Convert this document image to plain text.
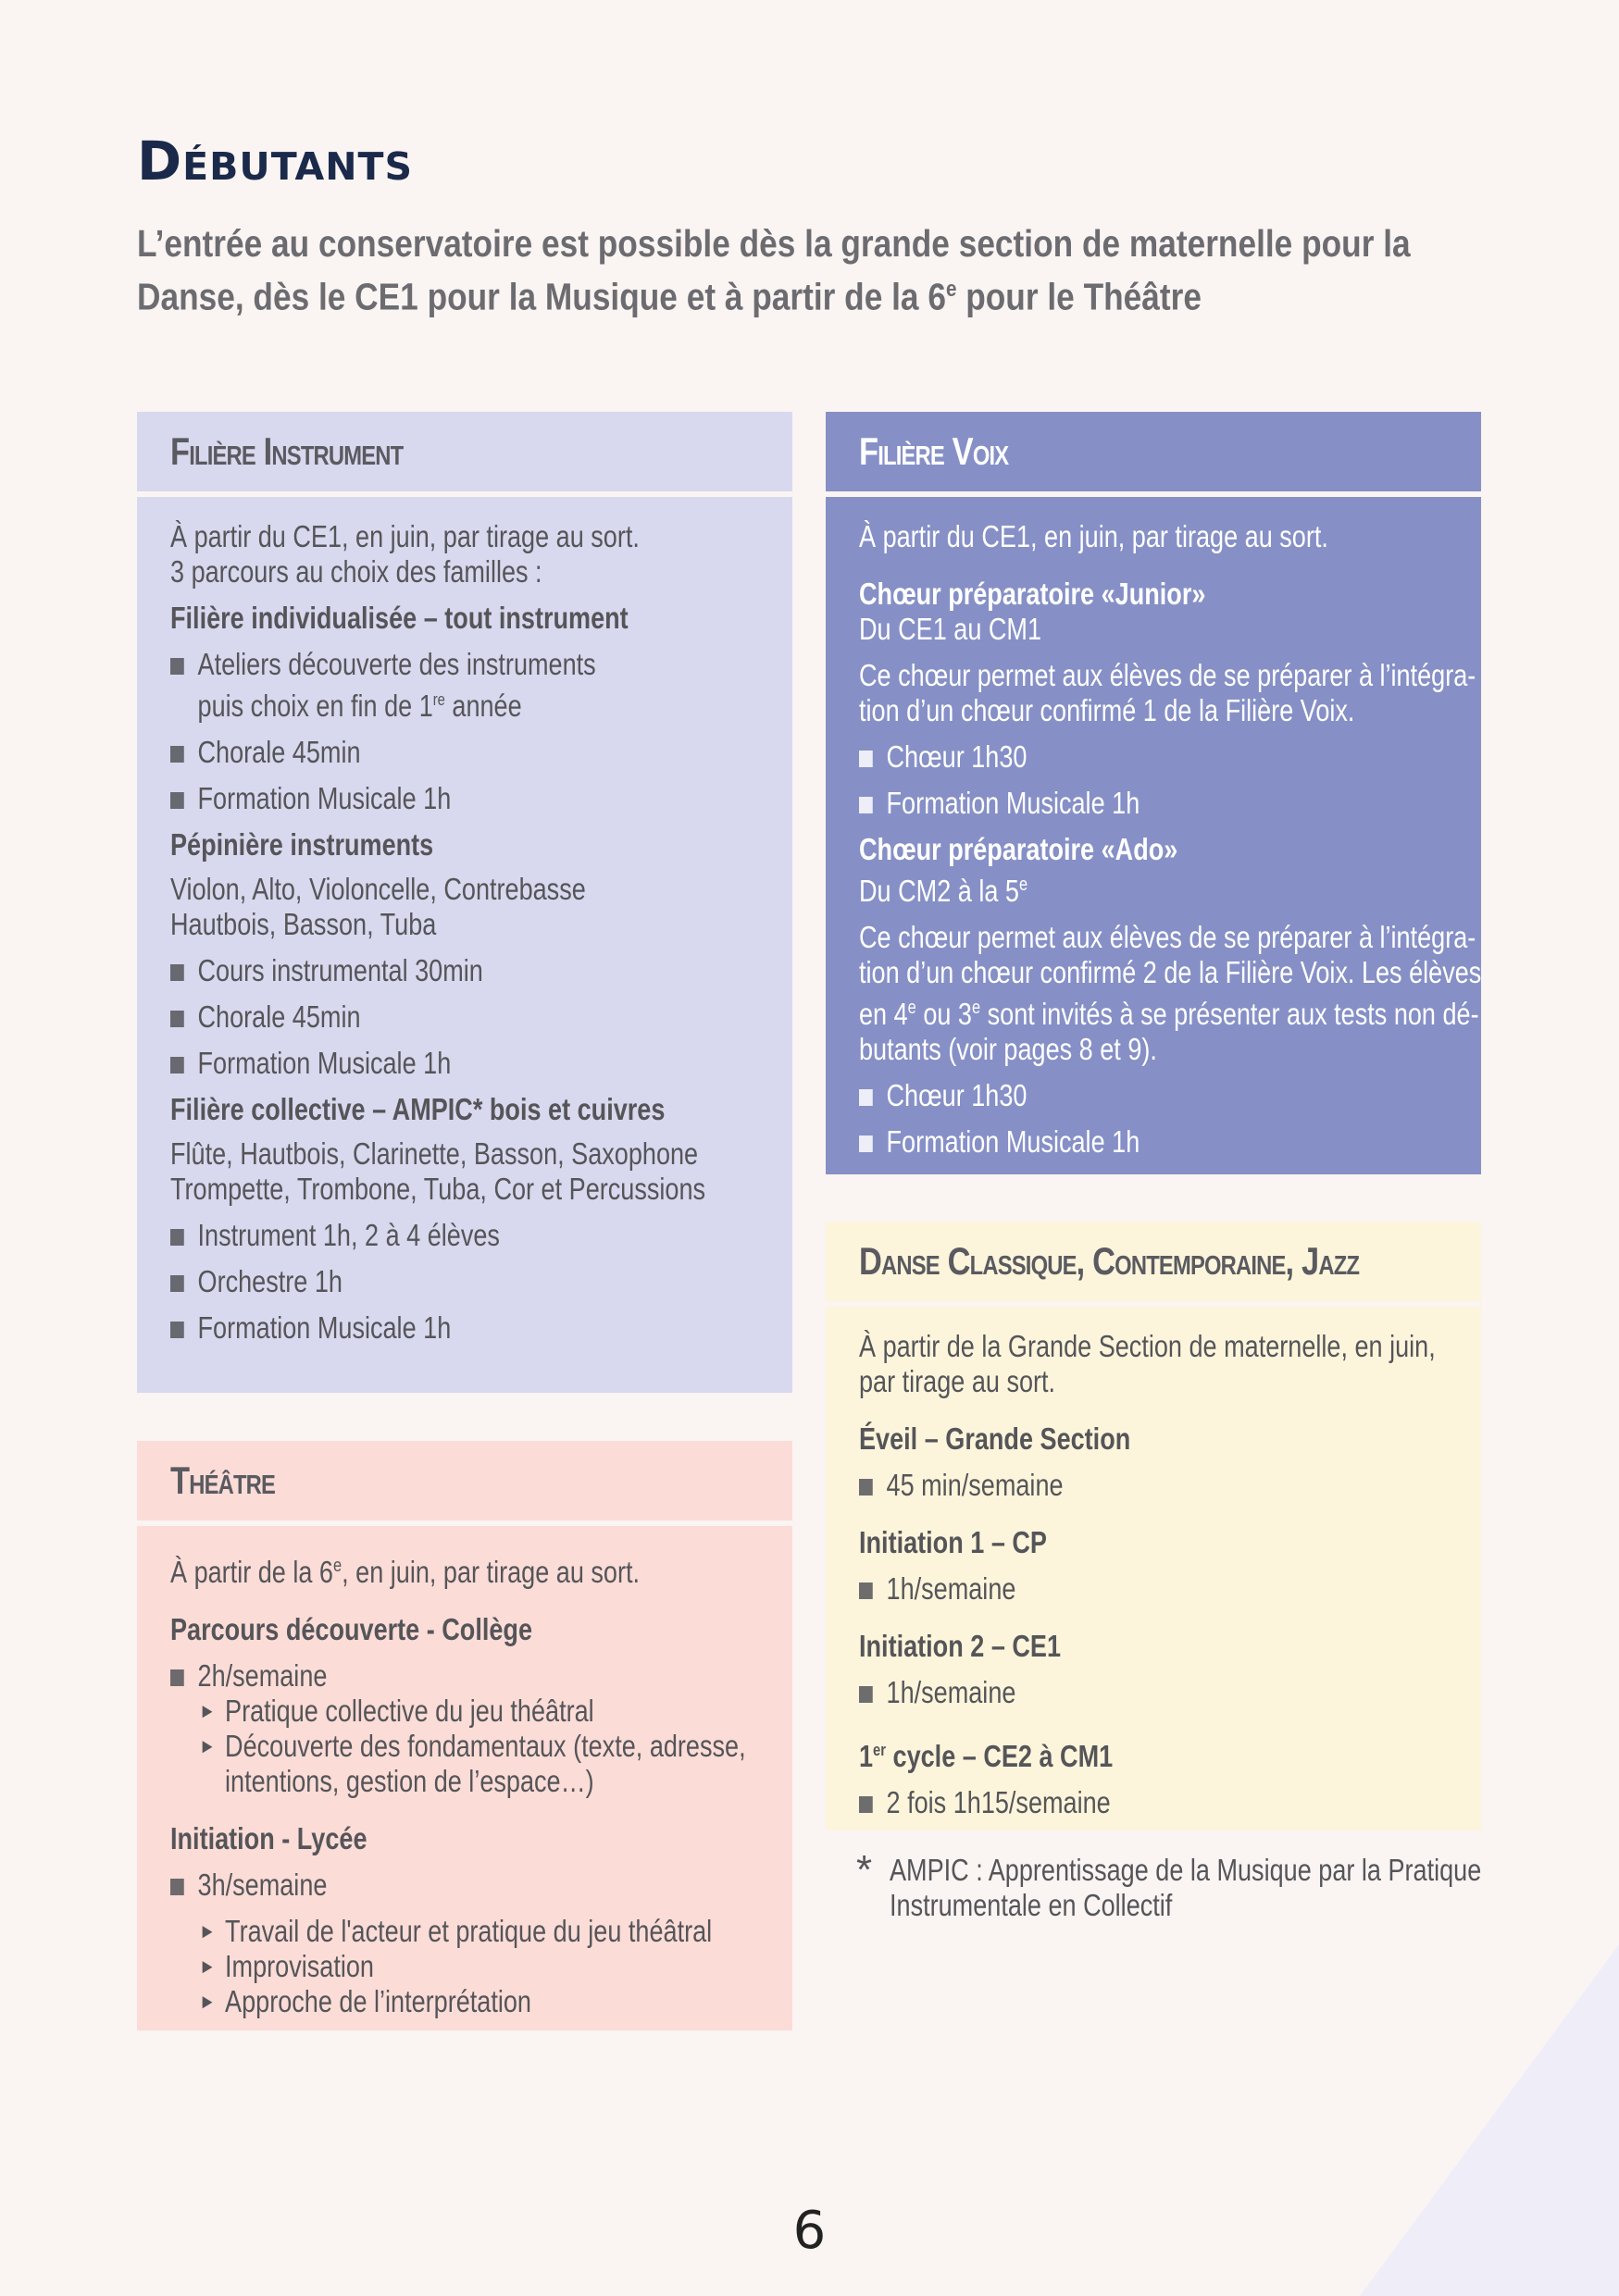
Débutants
L’entrée au conservatoire est possible dès la grande section de maternelle pour la
Danse, dès le CE1 pour la Musique et à partir de la 6e pour le Théâtre
Filière Instrument
À partir du CE1, en juin, par tirage au sort.
3 parcours au choix des familles :
Filière individualisée – tout instrument
Ateliers découverte des instruments
puis choix en fin de 1re année
Chorale 45min
Formation Musicale 1h
Pépinière instruments
Violon, Alto, Violoncelle, Contrebasse
Hautbois, Basson, Tuba
Cours instrumental 30min
Chorale 45min
Formation Musicale 1h
Filière collective – AMPIC* bois et cuivres
Flûte, Hautbois, Clarinette, Basson, Saxophone
Trompette, Trombone, Tuba, Cor et Percussions
Instrument 1h, 2 à 4 élèves
Orchestre 1h
Formation Musicale 1h
Filière Voix
À partir du CE1, en juin, par tirage au sort.
Chœur préparatoire «Junior»
Du CE1 au CM1
Ce chœur permet aux élèves de se préparer à l’intégra-
tion d’un chœur confirmé 1 de la Filière Voix.
Chœur 1h30
Formation Musicale 1h
Chœur préparatoire «Ado»
Du CM2 à la 5e
Ce chœur permet aux élèves de se préparer à l’intégra-
tion d’un chœur confirmé 2 de la Filière Voix. Les élèves
en 4e ou 3e sont invités à se présenter aux tests non dé-
butants (voir pages 8 et 9).
Chœur 1h30
Formation Musicale 1h
Danse Classique, Contemporaine, Jazz
À partir de la Grande Section de maternelle, en juin,
par tirage au sort.
Éveil – Grande Section
45 min/semaine
Initiation 1 – CP
1h/semaine
Initiation 2 – CE1
1h/semaine
1er cycle – CE2 à CM1
2 fois 1h15/semaine
Théâtre
À partir de la 6e, en juin, par tirage au sort.
Parcours découverte - Collège
2h/semaine
► Pratique collective du jeu théâtral
► Découverte des fondamentaux (texte, adresse,
intentions, gestion de l’espace…)
Initiation - Lycée
3h/semaine
► Travail de l'acteur et pratique du jeu théâtral
► Improvisation
► Approche de l’interprétation
* AMPIC : Apprentissage de la Musique par la Pratique
Instrumentale en Collectif
6
